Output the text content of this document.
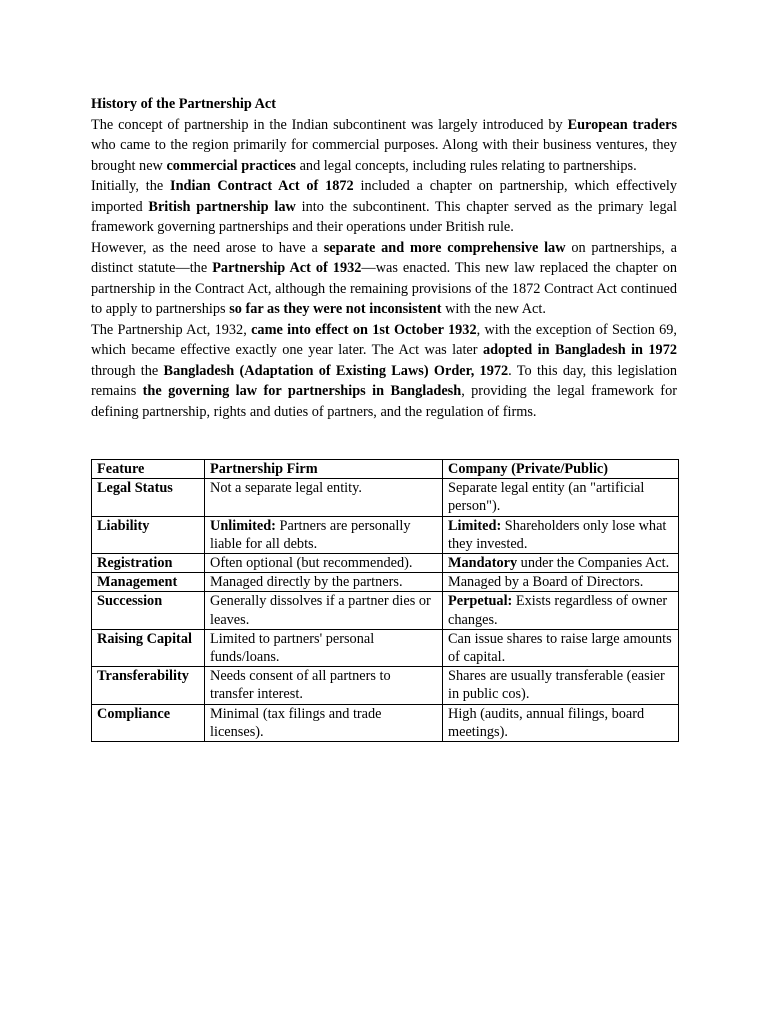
History of the Partnership Act

The concept of partnership in the Indian subcontinent was largely introduced by European traders who came to the region primarily for commercial purposes. Along with their business ventures, they brought new commercial practices and legal concepts, including rules relating to partnerships.

Initially, the Indian Contract Act of 1872 included a chapter on partnership, which effectively imported British partnership law into the subcontinent. This chapter served as the primary legal framework governing partnerships and their operations under British rule.

However, as the need arose to have a separate and more comprehensive law on partnerships, a distinct statute—the Partnership Act of 1932—was enacted. This new law replaced the chapter on partnership in the Contract Act, although the remaining provisions of the 1872 Contract Act continued to apply to partnerships so far as they were not inconsistent with the new Act.

The Partnership Act, 1932, came into effect on 1st October 1932, with the exception of Section 69, which became effective exactly one year later. The Act was later adopted in Bangladesh in 1972 through the Bangladesh (Adaptation of Existing Laws) Order, 1972. To this day, this legislation remains the governing law for partnerships in Bangladesh, providing the legal framework for defining partnership, rights and duties of partners, and the regulation of firms.

Feature	Partnership Firm	Company (Private/Public)
Legal Status	Not a separate legal entity.	Separate legal entity (an "artificial person").
Liability	Unlimited: Partners are personally liable for all debts.	Limited: Shareholders only lose what they invested.
Registration	Often optional (but recommended).	Mandatory under the Companies Act.
Management	Managed directly by the partners.	Managed by a Board of Directors.
Succession	Generally dissolves if a partner dies or leaves.	Perpetual: Exists regardless of owner changes.
Raising Capital	Limited to partners' personal funds/loans.	Can issue shares to raise large amounts of capital.
Transferability	Needs consent of all partners to transfer interest.	Shares are usually transferable (easier in public cos).
Compliance	Minimal (tax filings and trade licenses).	High (audits, annual filings, board meetings).
